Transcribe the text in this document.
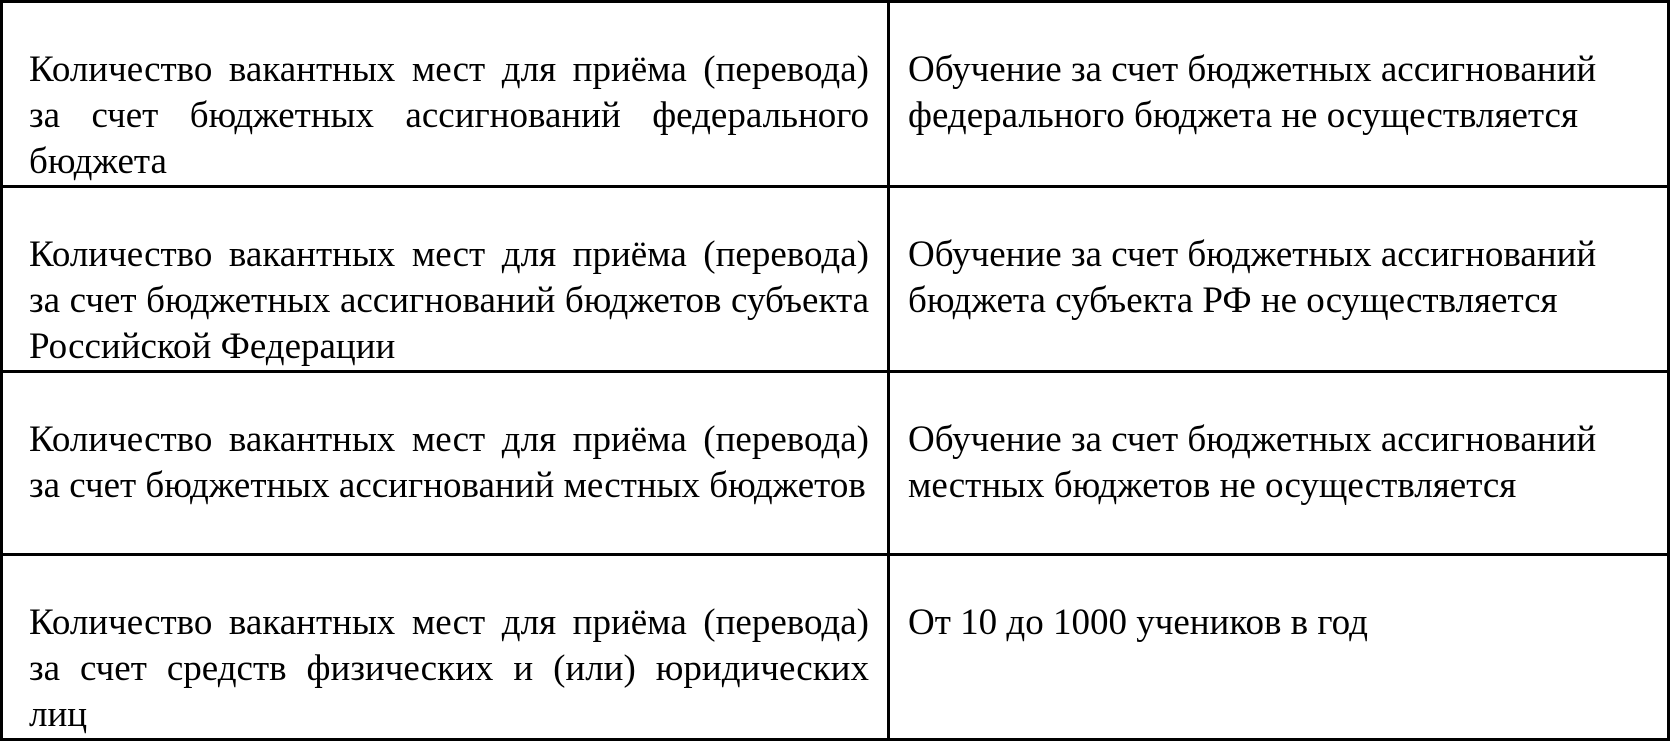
Количество вакантных мест для приёма (перевода) за счет бюджетных ассигнований федерального бюджета	Обучение за счет бюджетных ассигнований федерального бюджета не осуществляется
Количество вакантных мест для приёма (перевода) за счет бюджетных ассигнований бюджетов субъекта Российской Федерации	Обучение за счет бюджетных ассигнований бюджета субъекта РФ не осуществляется
Количество вакантных мест для приёма (перевода) за счет бюджетных ассигнований местных бюджетов	Обучение за счет бюджетных ассигнований местных бюджетов не осуществляется
Количество вакантных мест для приёма (перевода) за счет средств физических и (или) юридических лиц	От 10 до 1000 учеников в год
